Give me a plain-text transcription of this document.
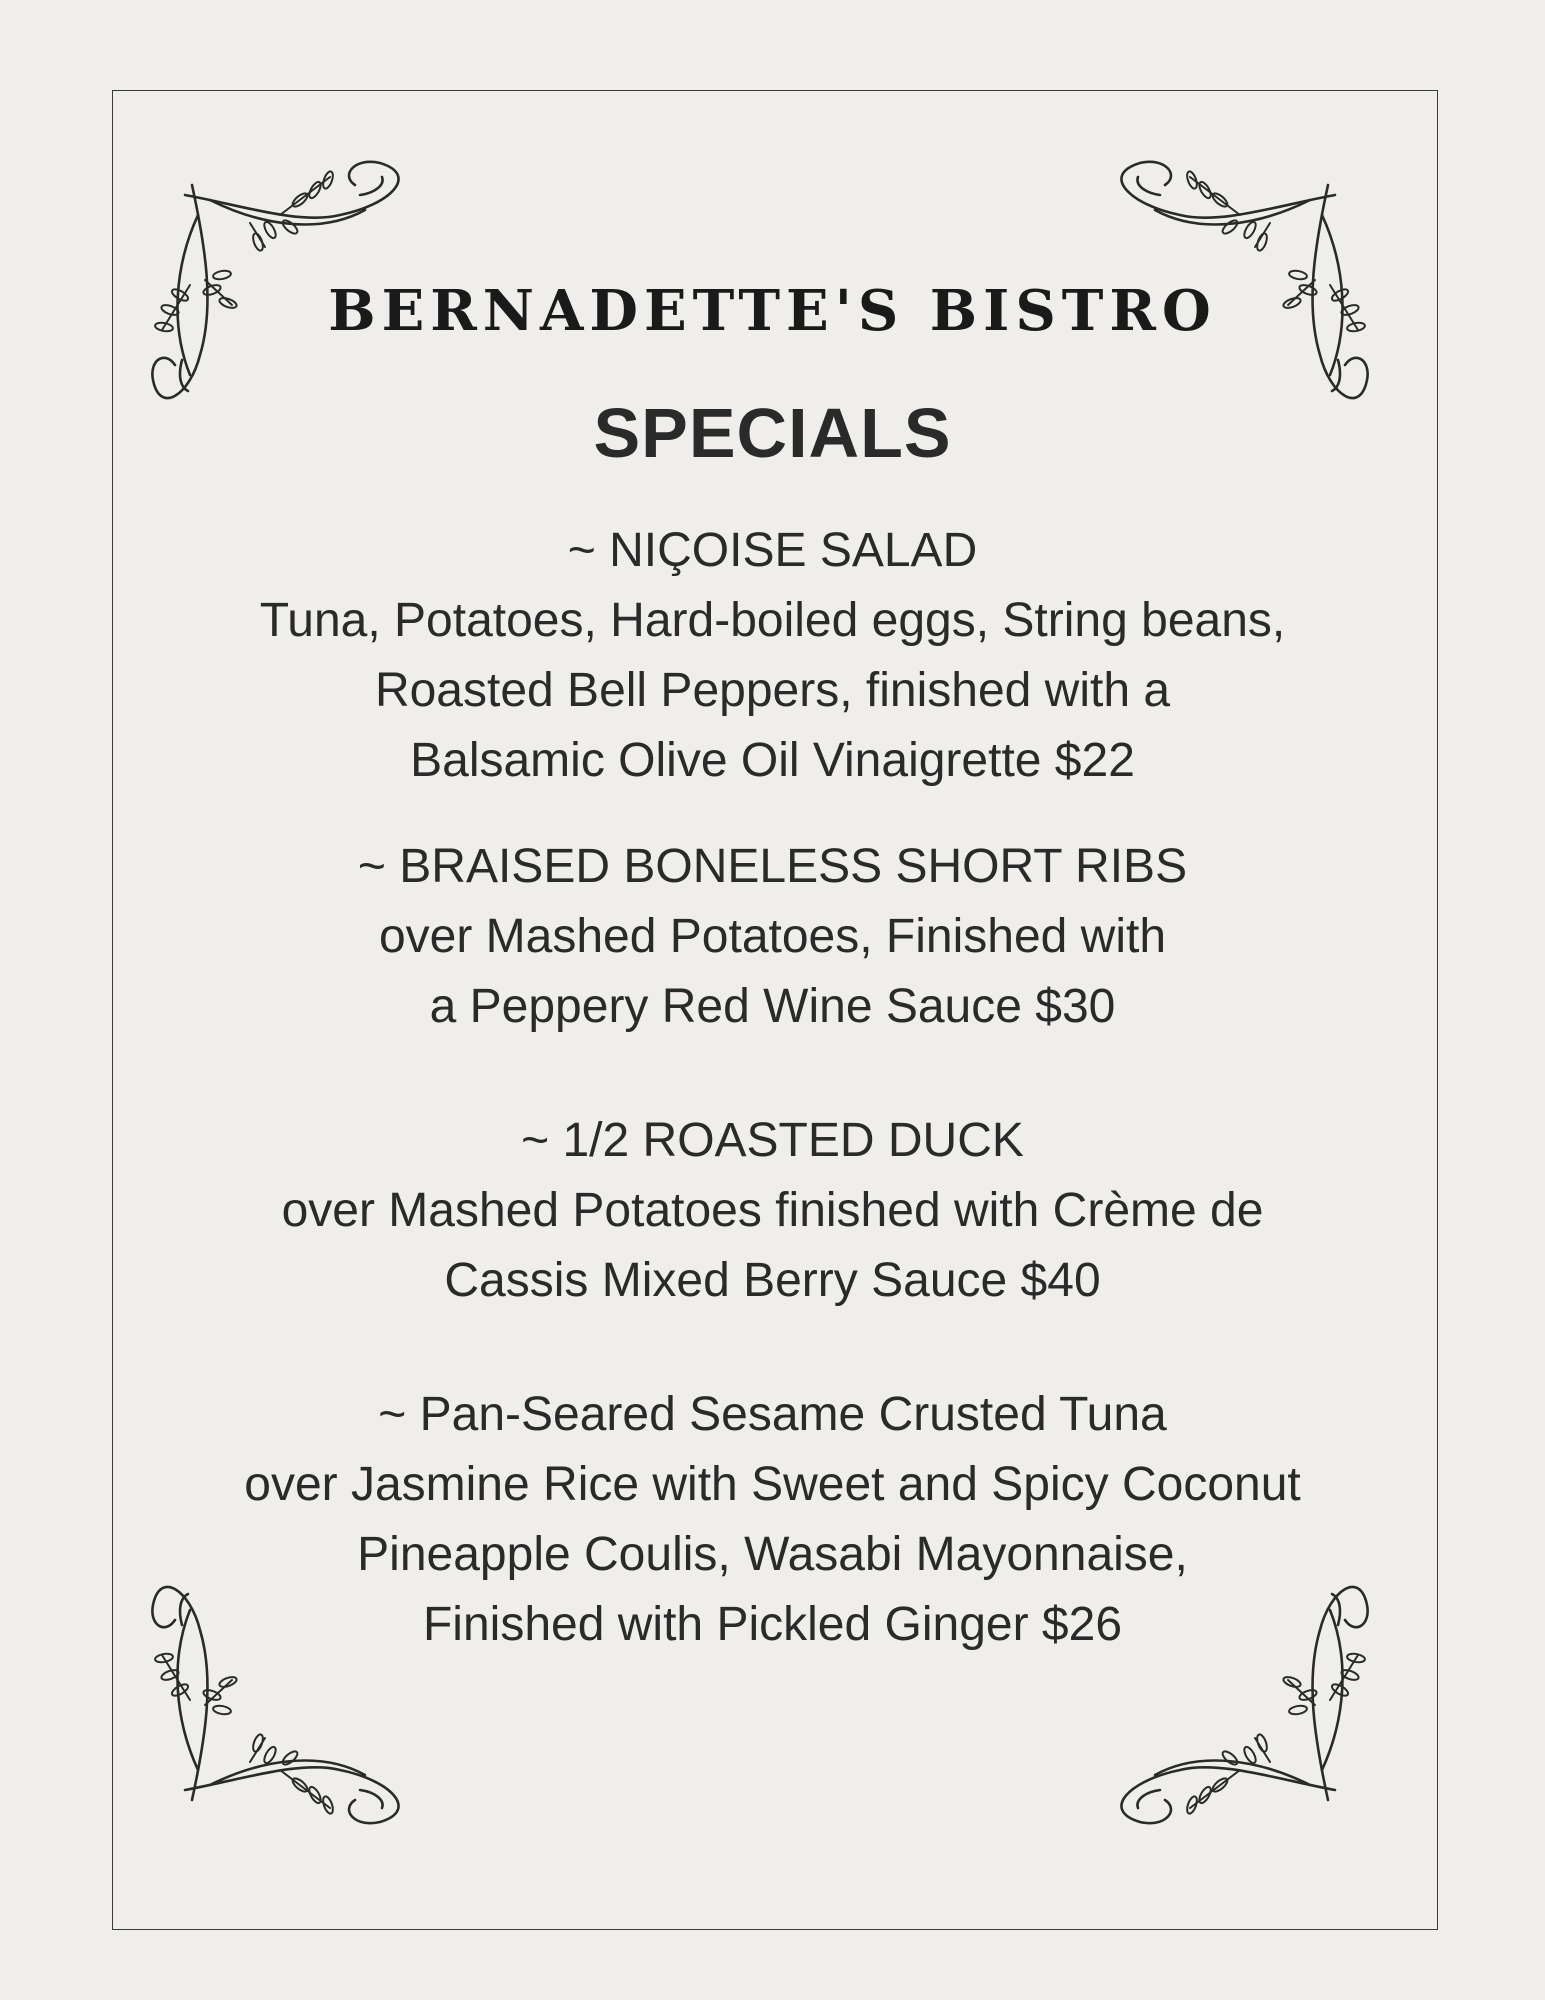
BERNADETTE'S BISTRO
SPECIALS
~ NIÇOISE SALAD
Tuna, Potatoes, Hard-boiled eggs, String beans,
Roasted Bell Peppers, finished with a
Balsamic Olive Oil Vinaigrette $22
~ BRAISED BONELESS SHORT RIBS
over Mashed Potatoes, Finished with
a Peppery Red Wine Sauce $30
~ 1/2 ROASTED DUCK
over Mashed Potatoes finished with Crème de
Cassis Mixed Berry Sauce $40
~ Pan-Seared Sesame Crusted Tuna
over Jasmine Rice with Sweet and Spicy Coconut
Pineapple Coulis, Wasabi Mayonnaise,
Finished with Pickled Ginger $26
